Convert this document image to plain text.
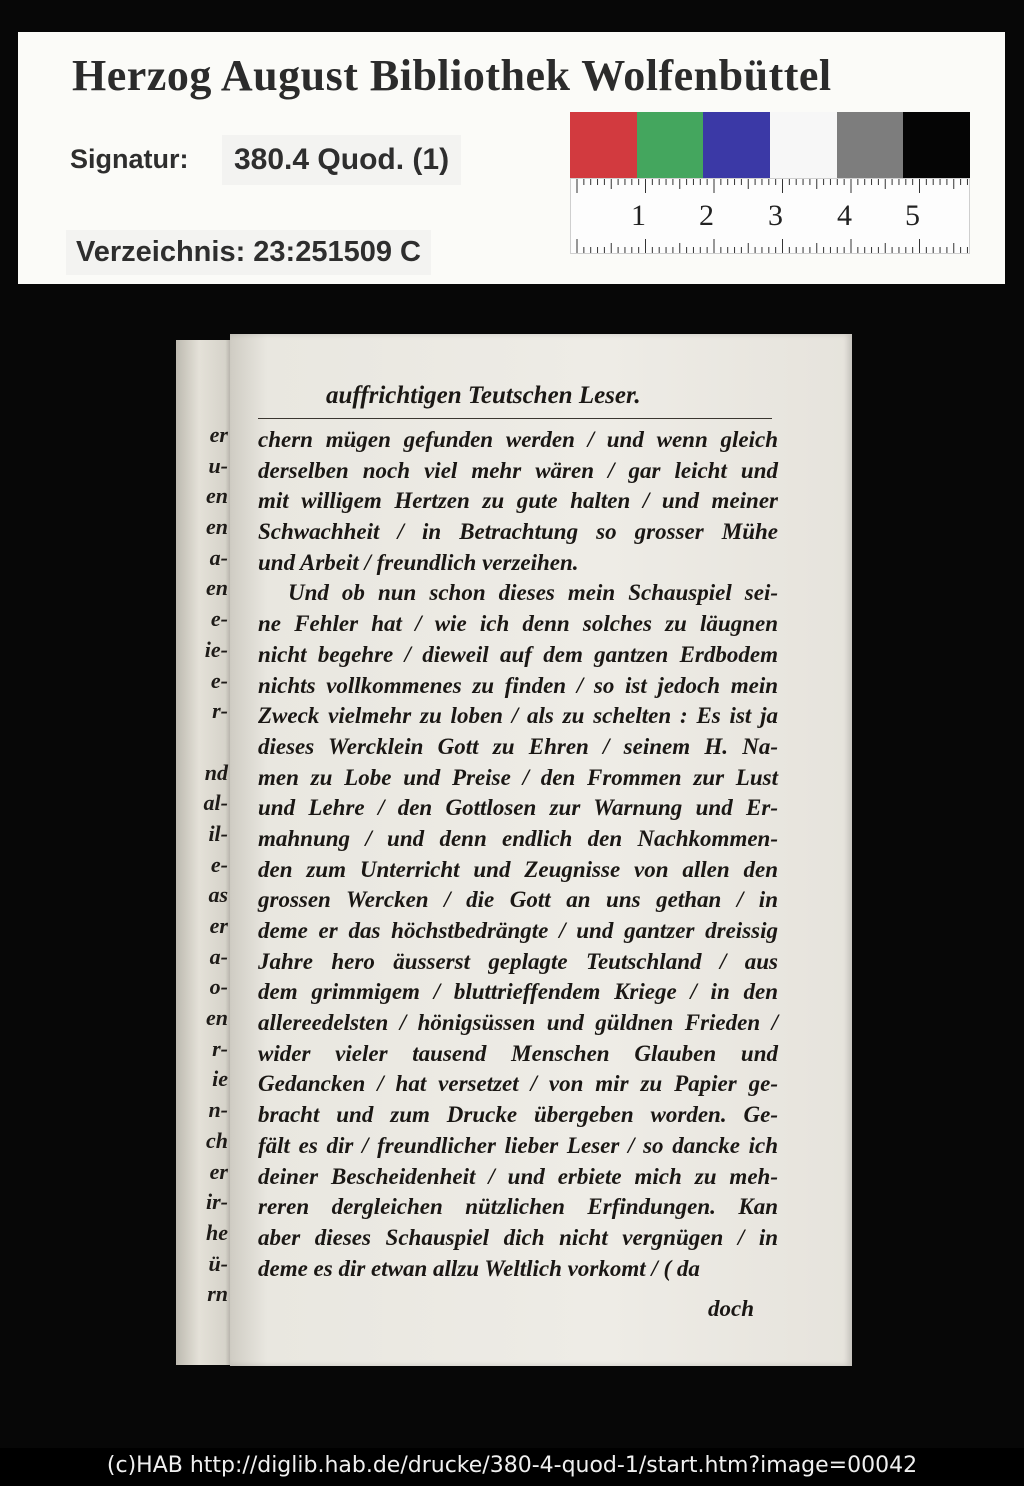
Herzog August Bibliothek Wolfenbüttel
Signatur:	380.4 Quod. (1)
Verzeichnis: 23:251509 C
1 2 3 4 5
er
u-
en
en
a-
en
e-
ie-
e-
r-
nd
al-
il-
e-
as
er
a-
o-
en
r-
ie
n-
ch
er
ir-
he
ü-
rn
auffrichtigen Teutschen Leser.
chern mügen gefunden werden / und wenn gleich
derselben noch viel mehr wären / gar leicht und
mit willigem Hertzen zu gute halten / und meiner
Schwachheit / in Betrachtung so grosser Mühe
und Arbeit / freundlich verzeihen.
Und ob nun schon dieses mein Schauspiel sei-
ne Fehler hat / wie ich denn solches zu läugnen
nicht begehre / dieweil auf dem gantzen Erdbodem
nichts vollkommenes zu finden / so ist jedoch mein
Zweck vielmehr zu loben / als zu schelten : Es ist ja
dieses Wercklein Gott zu Ehren / seinem H. Na-
men zu Lobe und Preise / den Frommen zur Lust
und Lehre / den Gottlosen zur Warnung und Er-
mahnung / und denn endlich den Nachkommen-
den zum Unterricht und Zeugnisse von allen den
grossen Wercken / die Gott an uns gethan / in
deme er das höchstbedrängte / und gantzer dreissig
Jahre hero äusserst geplagte Teutschland / aus
dem grimmigem / bluttrieffendem Kriege / in den
allereedelsten / hönigsüssen und güldnen Frieden /
wider vieler tausend Menschen Glauben und
Gedancken / hat versetzet / von mir zu Papier ge-
bracht und zum Drucke übergeben worden. Ge-
fält es dir / freundlicher lieber Leser / so dancke ich
deiner Bescheidenheit / und erbiete mich zu meh-
reren dergleichen nützlichen Erfindungen. Kan
aber dieses Schauspiel dich nicht vergnügen / in
deme es dir etwan allzu Weltlich vorkomt / ( da
doch
(c)HAB http://diglib.hab.de/drucke/380-4-quod-1/start.htm?image=00042
